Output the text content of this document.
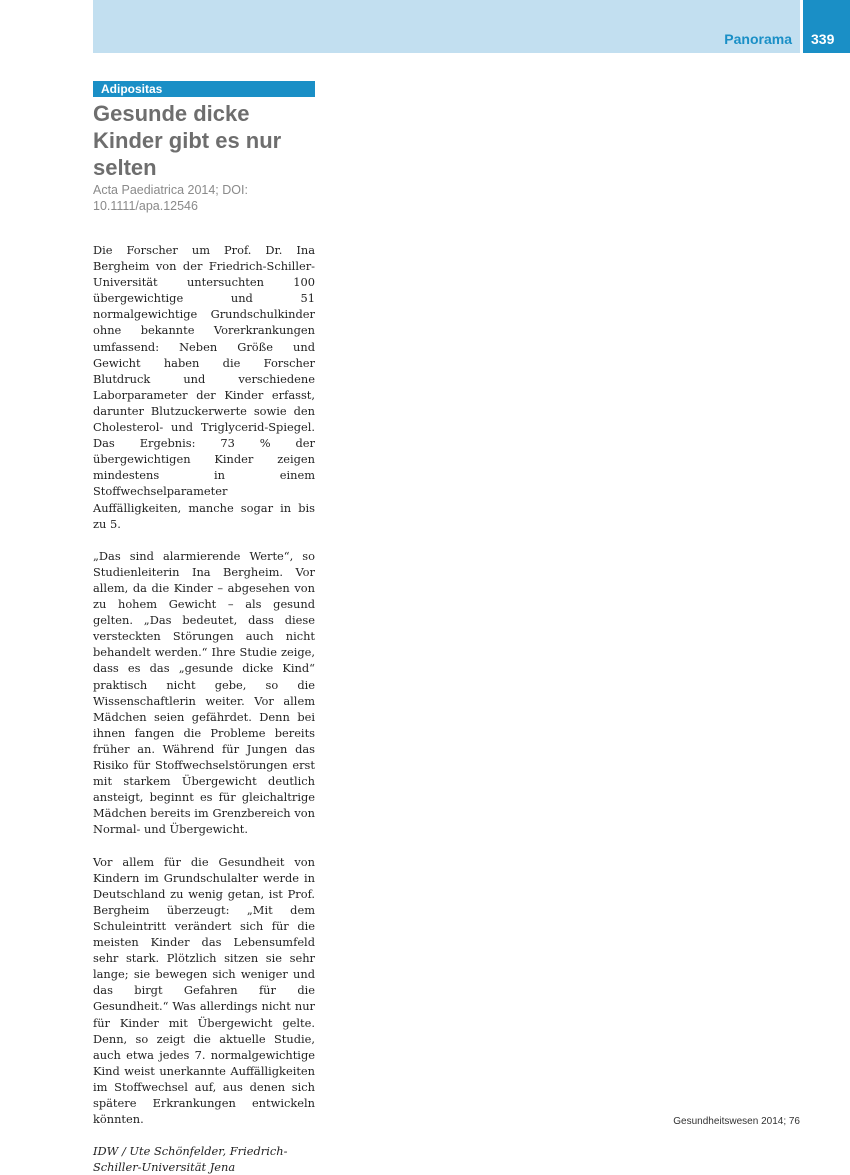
Panorama 339
Adipositas
Gesunde dicke Kinder gibt es nur selten
Acta Paediatrica 2014; DOI: 10.1111/apa.12546

Die Forscher um Prof. Dr. Ina Bergheim von der Friedrich-Schiller-Universität untersuchten 100 übergewichtige und 51 normalgewichtige Grundschulkinder ohne bekannte Vorerkrankungen umfassend: Neben Größe und Gewicht haben die Forscher Blutdruck und verschiedene Laborparameter der Kinder erfasst, darunter Blutzuckerwerte sowie den Cholesterol- und Triglycerid-Spiegel. Das Ergebnis: 73 % der übergewichtigen Kinder zeigen mindestens in einem Stoffwechselparameter Auffälligkeiten, manche sogar in bis zu 5.

„Das sind alarmierende Werte“, so Studienleiterin Ina Bergheim. Vor allem, da die Kinder – abgesehen von zu hohem Gewicht – als gesund gelten. „Das bedeutet, dass diese versteckten Störungen auch nicht behandelt werden.“ Ihre Studie zeige, dass es das „gesunde dicke Kind“ praktisch nicht gebe, so die Wissenschaftlerin weiter. Vor allem Mädchen seien gefährdet. Denn bei ihnen fangen die Probleme bereits früher an. Während für Jungen das Risiko für Stoffwechselstörungen erst mit starkem Übergewicht deutlich ansteigt, beginnt es für gleichaltrige Mädchen bereits im Grenzbereich von Normal- und Übergewicht.

Vor allem für die Gesundheit von Kindern im Grundschulalter werde in Deutschland zu wenig getan, ist Prof. Bergheim überzeugt: „Mit dem Schuleintritt verändert sich für die meisten Kinder das Lebensumfeld sehr stark. Plötzlich sitzen sie sehr lange; sie bewegen sich weniger und das birgt Gefahren für die Gesundheit.“ Was allerdings nicht nur für Kinder mit Übergewicht gelte. Denn, so zeigt die aktuelle Studie, auch etwa jedes 7. normalgewichtige Kind weist unerkannte Auffälligkeiten im Stoffwechsel auf, aus denen sich spätere Erkrankungen entwickeln könnten.

IDW / Ute Schönfelder, Friedrich-Schiller-Universität Jena
Gesundheitswesen 2014; 76
